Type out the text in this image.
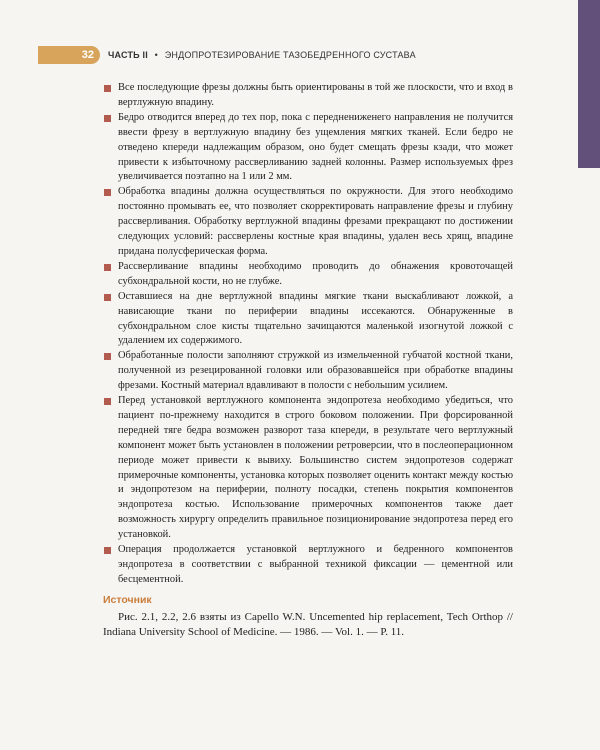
32	ЧАСТЬ II • ЭНДОПРОТЕЗИРОВАНИЕ ТАЗОБЕДРЕННОГО СУСТАВА
Все последующие фрезы должны быть ориентированы в той же плоскости, что и вход в вертлужную впадину.
Бедро отводится вперед до тех пор, пока с переднениженего направления не получится ввести фрезу в вертлужную впадину без ущемления мягких тканей. Если бедро не отведено кпереди надлежащим образом, оно будет смещать фрезы кзади, что может привести к избыточному рассверливанию задней колонны. Размер используемых фрез увеличивается поэтапно на 1 или 2 мм.
Обработка впадины должна осуществляться по окружности. Для этого необходимо постоянно промывать ее, что позволяет скорректировать направление фрезы и глубину рассверливания. Обработку вертлужной впадины фрезами прекращают по достижении следующих условий: рассверлены костные края впадины, удален весь хрящ, впадине придана полусферическая форма.
Рассверливание впадины необходимо проводить до обнажения кровоточащей субхондральной кости, но не глубже.
Оставшиеся на дне вертлужной впадины мягкие ткани выскабливают ложкой, а нависающие ткани по периферии впадины иссекаются. Обнаруженные в субхондральном слое кисты тщательно зачищаются маленькой изогнутой ложкой с удалением их содержимого.
Обработанные полости заполняют стружкой из измельченной губчатой костной ткани, полученной из резецированной головки или образовавшейся при обработке впадины фрезами. Костный материал вдавливают в полости с небольшим усилием.
Перед установкой вертлужного компонента эндопротеза необходимо убедиться, что пациент по-прежнему находится в строго боковом положении. При форсированной передней тяге бедра возможен разворот таза кпереди, в результате чего вертлужный компонент может быть установлен в положении ретроверсии, что в послеоперационном периоде может привести к вывиху. Большинство систем эндопротезов содержат примерочные компоненты, установка которых позволяет оценить контакт между костью и эндопротезом на периферии, полноту посадки, степень покрытия компонентов эндопротеза костью. Использование примерочных компонентов также дает возможность хирургу определить правильное позиционирование эндопротеза перед его установкой.
Операция продолжается установкой вертлужного и бедренного компонентов эндопротеза в соответствии с выбранной техникой фиксации — цементной или бесцементной.
Источник
Рис. 2.1, 2.2, 2.6 взяты из Capello W.N. Uncemented hip replacement, Tech Orthop // Indiana University School of Medicine. — 1986. — Vol. 1. — P. 11.
